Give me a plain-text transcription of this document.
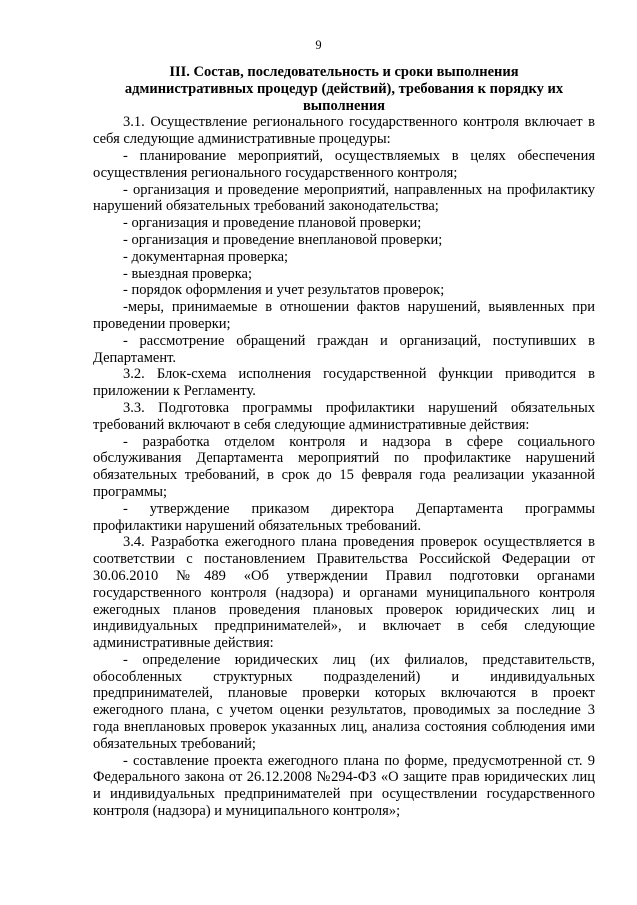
9
III. Состав, последовательность и сроки выполнения
административных процедур (действий), требования к порядку их
выполнения

3.1. Осуществление регионального государственного контроля включает в себя следующие административные процедуры:

- планирование мероприятий, осуществляемых в целях обеспечения осуществления регионального государственного контроля;

- организация и проведение мероприятий, направленных на профилактику нарушений обязательных требований законодательства;

- организация и проведение плановой проверки;

- организация и проведение внеплановой проверки;

- документарная проверка;

- выездная проверка;

- порядок оформления и учет результатов проверок;

-меры, принимаемые в отношении фактов нарушений, выявленных при проведении проверки;

- рассмотрение обращений граждан и организаций, поступивших в Департамент.

3.2. Блок-схема исполнения государственной функции приводится в приложении к Регламенту.

3.3. Подготовка программы профилактики нарушений обязательных требований включают в себя следующие административные действия:

- разработка отделом контроля и надзора в сфере социального обслуживания Департамента мероприятий по профилактике нарушений обязательных требований, в срок до 15 февраля года реализации указанной программы;

- утверждение приказом директора Департамента программы профилактики нарушений обязательных требований.

3.4. Разработка ежегодного плана проведения проверок осуществляется в соответствии с постановлением Правительства Российской Федерации от 30.06.2010 №489 «Об утверждении Правил подготовки органами государственного контроля (надзора) и органами муниципального контроля ежегодных планов проведения плановых проверок юридических лиц и индивидуальных предпринимателей», и включает в себя следующие административные действия:

- определение юридических лиц (их филиалов, представительств, обособленных структурных подразделений) и индивидуальных предпринимателей, плановые проверки которых включаются в проект ежегодного плана, с учетом оценки результатов, проводимых за последние 3 года внеплановых проверок указанных лиц, анализа состояния соблюдения ими обязательных требований;

- составление проекта ежегодного плана по форме, предусмотренной ст. 9 Федерального закона от 26.12.2008 №294-ФЗ «О защите прав юридических лиц и индивидуальных предпринимателей при осуществлении государственного контроля (надзора) и муниципального контроля»;
